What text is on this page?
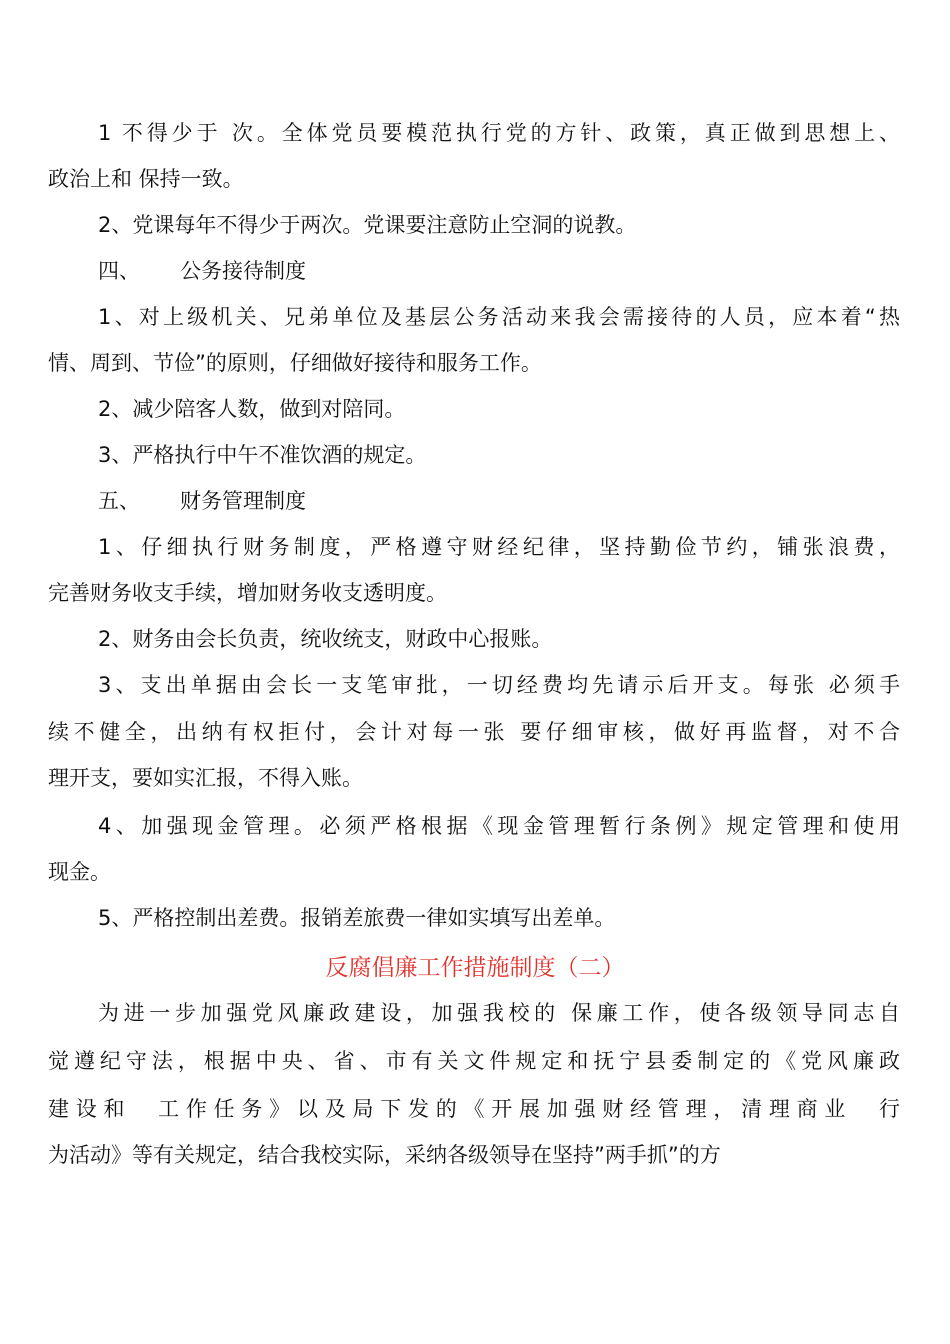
1 不得少于 次。全体党员要模范执行党的方针、政策，真正做到思想上、
政治上和 保持一致。
2、党课每年不得少于两次。党课要注意防止空洞的说教。
四、      公务接待制度
1、对上级机关、兄弟单位及基层公务活动来我会需接待的人员，应本着“热
情、周到、节俭”的原则，仔细做好接待和服务工作。
2、减少陪客人数，做到对陪同。
3、严格执行中午不准饮酒的规定。
五、      财务管理制度
1、仔细执行财务制度，严格遵守财经纪律，坚持勤俭节约，铺张浪费，
完善财务收支手续，增加财务收支透明度。
2、财务由会长负责，统收统支，财政中心报账。
3、支出单据由会长一支笔审批，一切经费均先请示后开支。每张 必须手
续不健全，出纳有权拒付，会计对每一张 要仔细审核，做好再监督，对不合
理开支，要如实汇报，不得入账。
4、加强现金管理。必须严格根据《现金管理暂行条例》规定管理和使用
现金。
5、严格控制出差费。报销差旅费一律如实填写出差单。
反腐倡廉工作措施制度（二）
为进一步加强党风廉政建设，加强我校的 保廉工作，使各级领导同志自
觉遵纪守法，根据中央、省、市有关文件规定和抚宁县委制定的《党风廉政
建设和  工作任务》以及局下发的《开展加强财经管理，清理商业  行
为活动》等有关规定，结合我校实际，采纳各级领导在坚持”两手抓”的方
